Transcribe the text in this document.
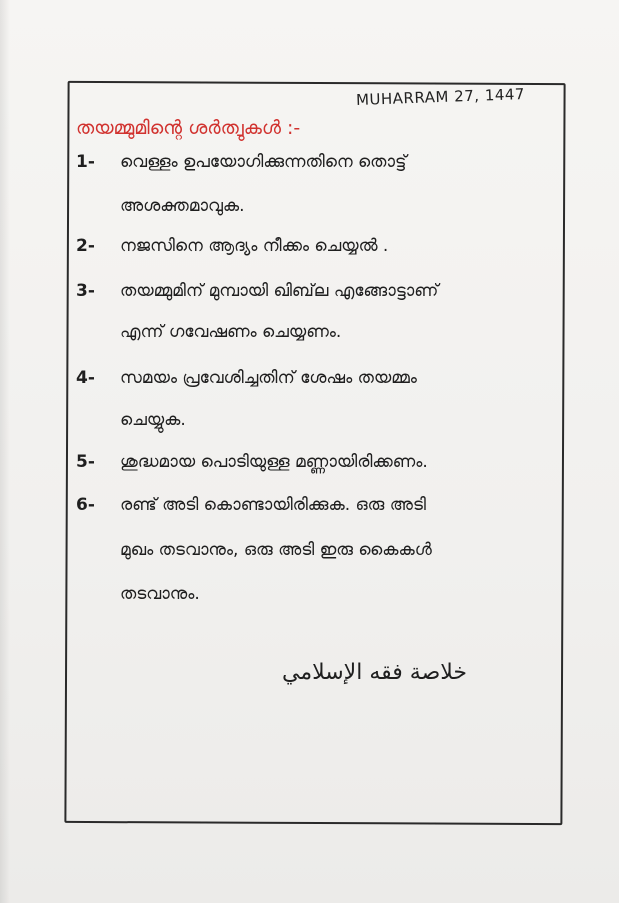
MUHARRAM 27, 1447
തയമ്മുമിന്റെ ശർത്വുകൾ :-
1- വെള്ളം ഉപയോഗിക്കുന്നതിനെ തൊട്ട്
അശക്തമാവുക.
2- നജസിനെ ആദ്യം നീക്കം ചെയ്യൽ .
3- തയമ്മുമിന് മുമ്പായി ഖിബ്‌ല എങ്ങോട്ടാണ്
എന്ന് ഗവേഷണം ചെയ്യണം.
4- സമയം പ്രവേശിച്ചതിന് ശേഷം തയമ്മം
ചെയ്യുക.
5- ശുദ്ധമായ പൊടിയുള്ള മണ്ണായിരിക്കണം.
6- രണ്ട് അടി കൊണ്ടായിരിക്കുക. ഒരു അടി
മുഖം തടവാനും, ഒരു അടി ഇരു കൈകൾ
തടവാനും.
خلاصة فقه الإسلامي
